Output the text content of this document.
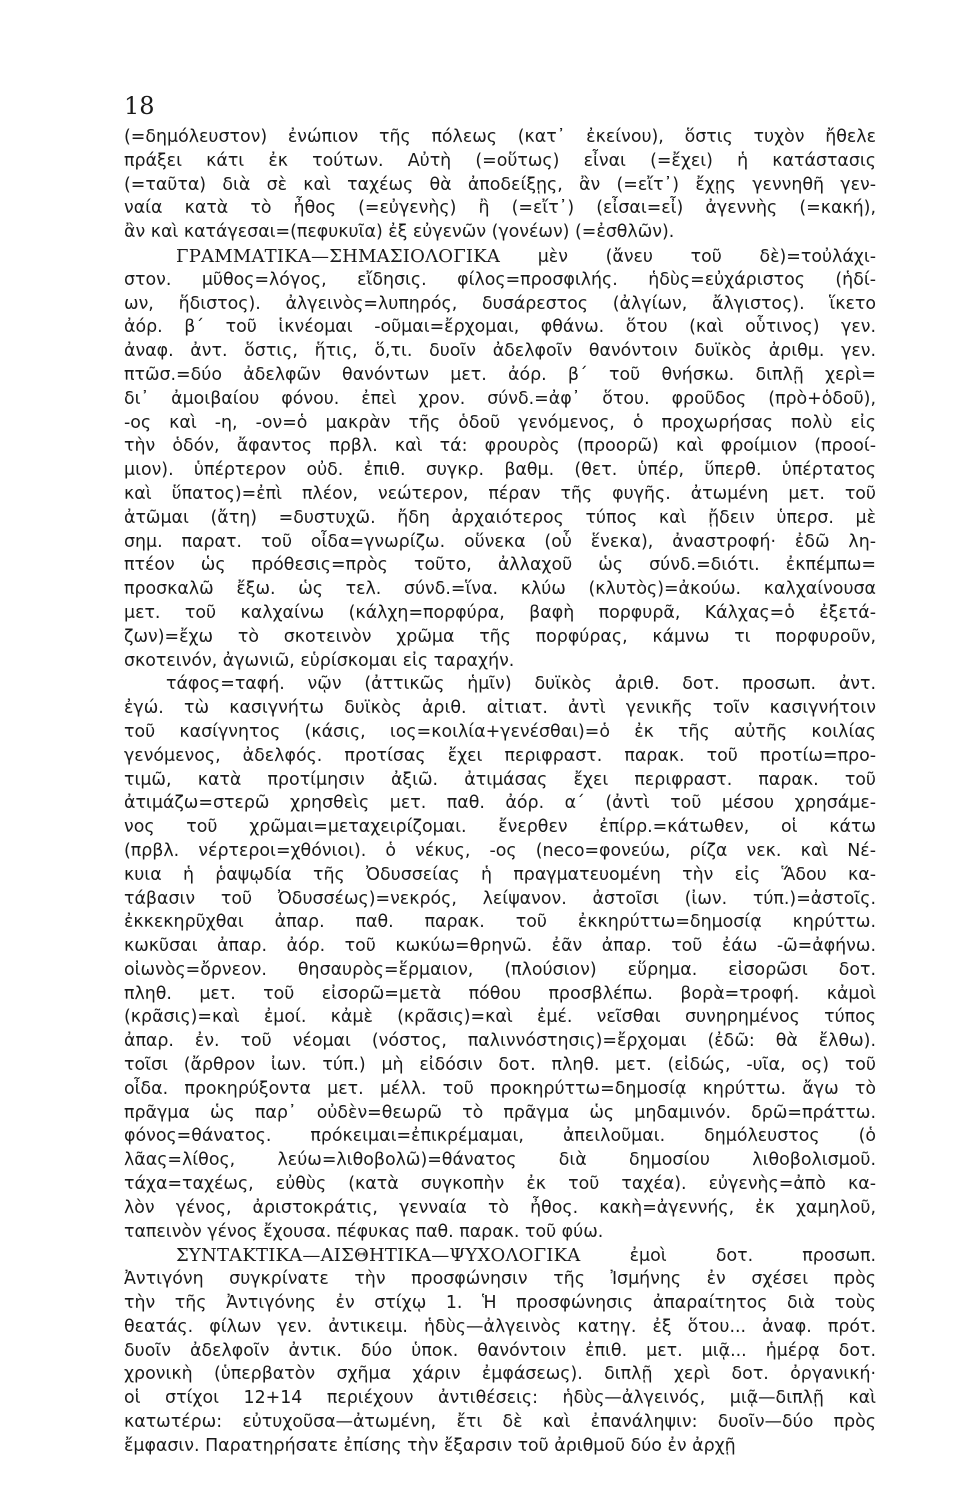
18
(=δημόλευστον) ἐνώπιον τῆς πόλεως (κατ᾽ ἐκείνου), ὅστις τυχὸν ἤθελε
πράξει κάτι ἐκ τούτων. Αὐτὴ (=οὕτως) εἶναι (=ἔχει) ἡ κατάστασις
(=ταῦτα) διὰ σὲ καὶ ταχέως θὰ ἀποδείξῃς, ἂν (=εἴτ᾽) ἔχῃς γεννηθῆ γεν-
ναία κατὰ τὸ ἦθος (=εὐγενὴς) ἢ (=εἴτ᾽) (εἶσαι=εἶ) ἀγεννὴς (=κακή),
ἂν καὶ κατάγεσαι=(πεφυκυῖα) ἐξ εὐγενῶν (γονέων) (=ἐσθλῶν).
ΓΡΑΜΜΑΤΙΚΑ—ΣΗΜΑΣΙΟΛΟΓΙΚΑ μὲν (ἄνευ τοῦ δὲ)=τοὐλάχι-
στον. μῦθος=λόγος, εἴδησις. φίλος=προσφιλής. ἡδὺς=εὐχάριστος (ἡδί-
ων, ἥδιστος). ἀλγεινὸς=λυπηρός, δυσάρεστος (ἀλγίων, ἄλγιστος). ἵκετο
ἀόρ. β΄ τοῦ ἱκνέομαι -οῦμαι=ἔρχομαι, φθάνω. ὅτου (καὶ οὗτινος) γεν.
ἀναφ. ἀντ. ὅστις, ἥτις, ὅ,τι. δυοῖν ἀδελφοῖν θανόντοιν δυϊκὸς ἀριθμ. γεν.
πτῶσ.=δύο ἀδελφῶν θανόντων μετ. ἀόρ. β΄ τοῦ θνήσκω. διπλῇ χερὶ=
δι᾽ ἀμοιβαίου φόνου. ἐπεὶ χρον. σύνδ.=ἀφ᾽ ὅτου. φροῦδος (πρὸ+ὁδοῦ),
-ος καὶ -η, -ον=ὁ μακρὰν τῆς ὁδοῦ γενόμενος, ὁ προχωρήσας πολὺ εἰς
τὴν ὁδόν, ἄφαντος πρβλ. καὶ τά: φρουρὸς (προορῶ) καὶ φροίμιον (προοί-
μιον). ὑπέρτερον οὐδ. ἐπιθ. συγκρ. βαθμ. (θετ. ὑπέρ, ὕπερθ. ὑπέρτατος
καὶ ὕπατος)=ἐπὶ πλέον, νεώτερον, πέραν τῆς φυγῆς. ἀτωμένη μετ. τοῦ
ἀτῶμαι (ἄτη) =δυστυχῶ. ἤδη ἀρχαιότερος τύπος καὶ ᾔδειν ὑπερσ. μὲ
σημ. παρατ. τοῦ οἶδα=γνωρίζω. οὕνεκα (οὗ ἕνεκα), ἀναστροφή· ἐδῶ λη-
πτέον ὡς πρόθεσις=πρὸς τοῦτο, ἀλλαχοῦ ὡς σύνδ.=διότι. ἐκπέμπω=
προσκαλῶ ἔξω. ὡς τελ. σύνδ.=ἵνα. κλύω (κλυτὸς)=ἀκούω. καλχαίνουσα
μετ. τοῦ καλχαίνω (κάλχη=πορφύρα, βαφὴ πορφυρᾶ, Κάλχας=ὁ ἐξετά-
ζων)=ἔχω τὸ σκοτεινὸν χρῶμα τῆς πορφύρας, κάμνω τι πορφυροῦν,
σκοτεινόν, ἀγωνιῶ, εὑρίσκομαι εἰς ταραχήν.
τάφος=ταφή. νῷν (ἀττικῶς ἡμῖν) δυϊκὸς ἀριθ. δοτ. προσωπ. ἀντ.
ἐγώ. τὼ κασιγνήτω δυϊκὸς ἀριθ. αἰτιατ. ἀντὶ γενικῆς τοῖν κασιγνήτοιν
τοῦ κασίγνητος (κάσις, ιος=κοιλία+γενέσθαι)=ὁ ἐκ τῆς αὐτῆς κοιλίας
γενόμενος, ἀδελφός. προτίσας ἔχει περιφραστ. παρακ. τοῦ προτίω=προ-
τιμῶ, κατὰ προτίμησιν ἀξιῶ. ἀτιμάσας ἔχει περιφραστ. παρακ. τοῦ
ἀτιμάζω=στερῶ χρησθεὶς μετ. παθ. ἀόρ. α΄ (ἀντὶ τοῦ μέσου χρησάμε-
νος τοῦ χρῶμαι=μεταχειρίζομαι. ἔνερθεν ἐπίρρ.=κάτωθεν, οἱ κάτω
(πρβλ. νέρτεροι=χθόνιοι). ὁ νέκυς, -ος (neco=φονεύω, ρίζα νεκ. καὶ Νέ-
κυια ἡ ῥαψῳδία τῆς Ὀδυσσείας ἡ πραγματευομένη τὴν εἰς Ἅδου κα-
τάβασιν τοῦ Ὀδυσσέως)=νεκρός, λείψανον. ἀστοῖσι (ἰων. τύπ.)=ἀστοῖς.
ἐκκεκηρῦχθαι ἀπαρ. παθ. παρακ. τοῦ ἐκκηρύττω=δημοσίᾳ κηρύττω.
κωκῦσαι ἀπαρ. ἀόρ. τοῦ κωκύω=θρηνῶ. ἐᾶν ἀπαρ. τοῦ ἐάω -ῶ=ἀφήνω.
οἰωνὸς=ὄρνεον. θησαυρὸς=ἕρμαιον, (πλούσιον) εὕρημα. εἰσορῶσι δοτ.
πληθ. μετ. τοῦ εἰσορῶ=μετὰ πόθου προσβλέπω. βορὰ=τροφή. κἀμοὶ
(κρᾶσις)=καὶ ἐμοί. κἀμὲ (κρᾶσις)=καὶ ἐμέ. νεῖσθαι συνηρημένος τύπος
ἀπαρ. ἐν. τοῦ νέομαι (νόστος, παλιννόστησις)=ἔρχομαι (ἐδῶ: θὰ ἔλθω).
τοῖσι (ἄρθρον ἰων. τύπ.) μὴ εἰδόσιν δοτ. πληθ. μετ. (εἰδώς, -υῖα, ος) τοῦ
οἶδα. προκηρύξοντα μετ. μέλλ. τοῦ προκηρύττω=δημοσίᾳ κηρύττω. ἄγω τὸ
πρᾶγμα ὡς παρ᾽ οὐδὲν=θεωρῶ τὸ πρᾶγμα ὡς μηδαμινόν. δρῶ=πράττω.
φόνος=θάνατος. πρόκειμαι=ἐπικρέμαμαι, ἀπειλοῦμαι. δημόλευστος (ὁ
λᾶας=λίθος, λεύω=λιθοβολῶ)=θάνατος διὰ δημοσίου λιθοβολισμοῦ.
τάχα=ταχέως, εὐθὺς (κατὰ συγκοπὴν ἐκ τοῦ ταχέα). εὐγενὴς=ἀπὸ κα-
λὸν γένος, ἀριστοκράτις, γενναία τὸ ἦθος. κακὴ=ἀγεννής, ἐκ χαμηλοῦ,
ταπεινὸν γένος ἔχουσα. πέφυκας παθ. παρακ. τοῦ φύω.
ΣΥΝΤΑΚΤΙΚΑ—ΑΙΣΘΗΤΙΚΑ—ΨΥΧΟΛΟΓΙΚΑ	ἐμοὶ δοτ. προσωπ.
Ἀντιγόνη συγκρίνατε τὴν προσφώνησιν τῆς Ἰσμήνης ἐν σχέσει πρὸς
τὴν τῆς Ἀντιγόνης ἐν στίχῳ 1. Ἡ προσφώνησις ἀπαραίτητος διὰ τοὺς
θεατάς. φίλων γεν. ἀντικειμ. ἡδὺς—ἀλγεινὸς κατηγ. ἐξ ὅτου... ἀναφ. πρότ.
δυοῖν ἀδελφοῖν ἀντικ. δύο ὑποκ. θανόντοιν ἐπιθ. μετ. μιᾷ... ἡμέρᾳ δοτ.
χρονικὴ (ὑπερβατὸν σχῆμα χάριν ἐμφάσεως). διπλῇ χερὶ δοτ. ὀργανική·
οἱ στίχοι 12+14 περιέχουν ἀντιθέσεις: ἡδὺς—ἀλγεινός, μιᾷ—διπλῇ καὶ
κατωτέρω: εὐτυχοῦσα—ἀτωμένη, ἔτι δὲ καὶ ἐπανάληψιν: δυοῖν—δύο πρὸς
ἔμφασιν. Παρατηρήσατε ἐπίσης τὴν ἔξαρσιν τοῦ ἀριθμοῦ δύο ἐν ἀρχῇ
